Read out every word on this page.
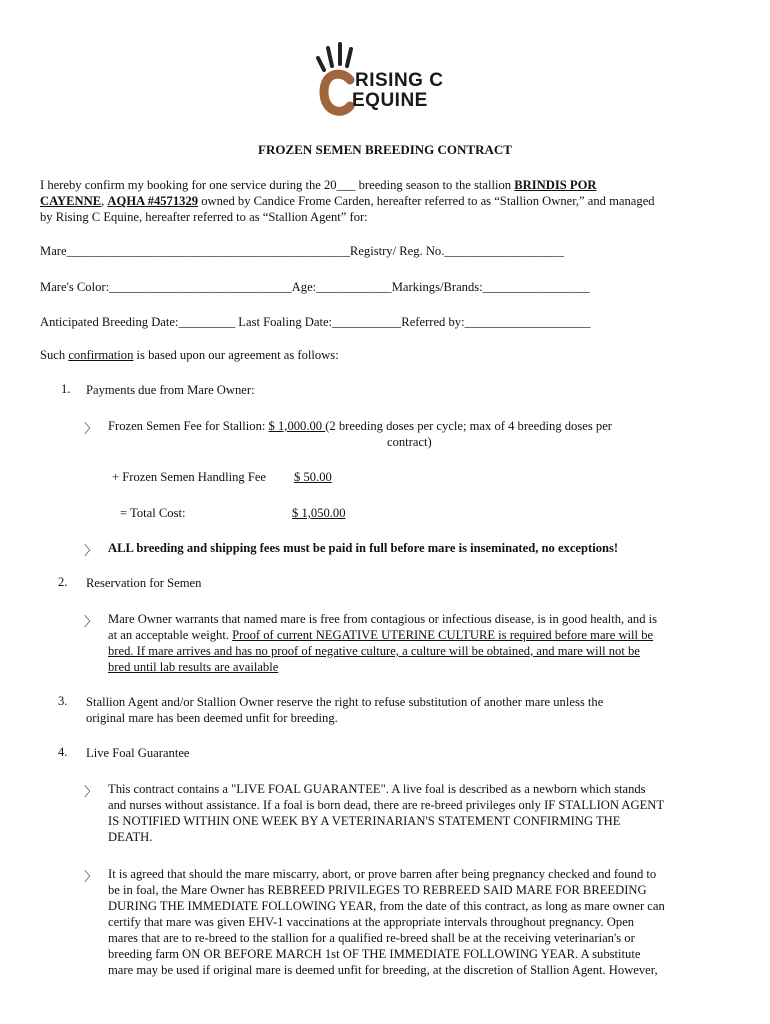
RISING C
EQUINE
FROZEN SEMEN BREEDING CONTRACT
I hereby confirm my booking for one service during the 20___ breeding season to the stallion BRINDIS POR
CAYENNE, AQHA #4571329 owned by Candice Frome Carden, hereafter referred to as “Stallion Owner,” and managed
by Rising C Equine, hereafter referred to as “Stallion Agent” for:
Mare_____________________________________________Registry/ Reg. No.___________________
Mare's Color:_____________________________Age:____________Markings/Brands:_________________
Anticipated Breeding Date:_________ Last Foaling Date:___________Referred by:____________________
Such confirmation is based upon our agreement as follows:
1. Payments due from Mare Owner:
〉 Frozen Semen Fee for Stallion: $ 1,000.00 (2 breeding doses per cycle; max of 4 breeding doses per
contract)
+ Frozen Semen Handling Fee $ 50.00
= Total Cost:	$ 1,050.00
〉 ALL breeding and shipping fees must be paid in full before mare is inseminated, no exceptions!
2. Reservation for Semen
〉 Mare Owner warrants that named mare is free from contagious or infectious disease, is in good health, and is
at an acceptable weight. Proof of current NEGATIVE UTERINE CULTURE is required before mare will be
bred. If mare arrives and has no proof of negative culture, a culture will be obtained, and mare will not be
bred until lab results are available
3. Stallion Agent and/or Stallion Owner reserve the right to refuse substitution of another mare unless the
original mare has been deemed unfit for breeding.
4. Live Foal Guarantee
〉 This contract contains a "LIVE FOAL GUARANTEE". A live foal is described as a newborn which stands
and nurses without assistance. If a foal is born dead, there are re-breed privileges only IF STALLION AGENT
IS NOTIFIED WITHIN ONE WEEK BY A VETERINARIAN'S STATEMENT CONFIRMING THE
DEATH.
〉 It is agreed that should the mare miscarry, abort, or prove barren after being pregnancy checked and found to
be in foal, the Mare Owner has REBREED PRIVILEGES TO REBREED SAID MARE FOR BREEDING
DURING THE IMMEDIATE FOLLOWING YEAR, from the date of this contract, as long as mare owner can
certify that mare was given EHV-1 vaccinations at the appropriate intervals throughout pregnancy. Open
mares that are to re-breed to the stallion for a qualified re-breed shall be at the receiving veterinarian's or
breeding farm ON OR BEFORE MARCH 1st OF THE IMMEDIATE FOLLOWING YEAR. A substitute
mare may be used if original mare is deemed unfit for breeding, at the discretion of Stallion Agent. However,
